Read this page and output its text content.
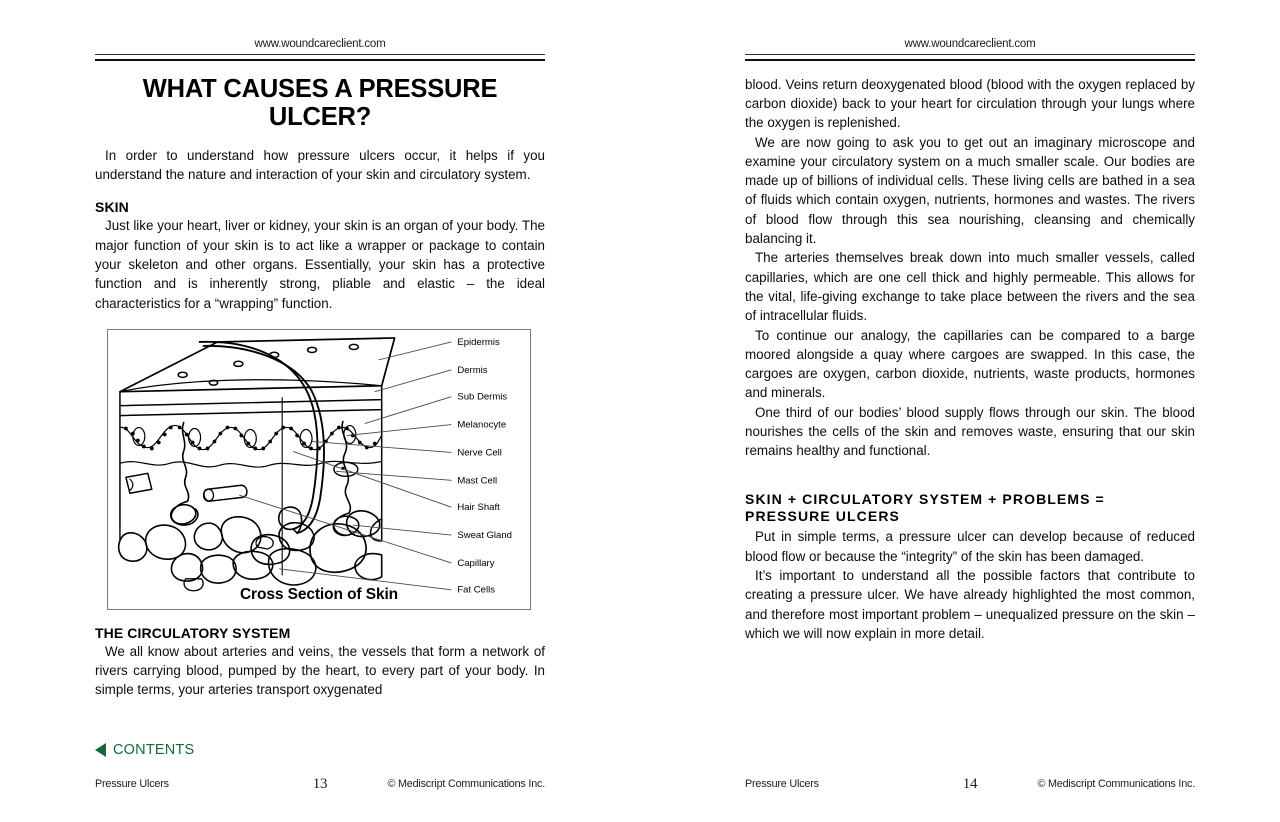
www.woundcareclient.com
WHAT CAUSES A PRESSURE ULCER?

In order to understand how pressure ulcers occur, it helps if you understand the nature and interaction of your skin and circulatory system.

SKIN

Just like your heart, liver or kidney, your skin is an organ of your body. The major function of your skin is to act like a wrapper or package to contain your skeleton and other organs. Essentially, your skin has a protective function and is inherently strong, pliable and elastic – the ideal characteristics for a “wrapping” function.

Epidermis
Dermis
Sub Dermis
Melanocyte
Nerve Cell
Mast Cell
Hair Shaft
Sweat Gland
Capillary
Fat Cells
Cross Section of Skin
THE CIRCULATORY SYSTEM

We all know about arteries and veins, the vessels that form a network of rivers carrying blood, pumped by the heart, to every part of your body. In simple terms, your arteries transport oxygenated

CONTENTS
Pressure Ulcers	13	© Mediscript Communications Inc.
www.woundcareclient.com

blood. Veins return deoxygenated blood (blood with the oxygen replaced by carbon dioxide) back to your heart for circulation through your lungs where the oxygen is replenished.

We are now going to ask you to get out an imaginary microscope and examine your circulatory system on a much smaller scale. Our bodies are made up of billions of individual cells. These living cells are bathed in a sea of fluids which contain oxygen, nutrients, hormones and wastes. The rivers of blood flow through this sea nourishing, cleansing and chemically balancing it.

The arteries themselves break down into much smaller vessels, called capillaries, which are one cell thick and highly permeable. This allows for the vital, life-giving exchange to take place between the rivers and the sea of intracellular fluids.

To continue our analogy, the capillaries can be compared to a barge moored alongside a quay where cargoes are swapped. In this case, the cargoes are oxygen, carbon dioxide, nutrients, waste products, hormones and minerals.

One third of our bodies’ blood supply flows through our skin. The blood nourishes the cells of the skin and removes waste, ensuring that our skin remains healthy and functional.

SKIN + CIRCULATORY SYSTEM + PROBLEMS = PRESSURE ULCERS

Put in simple terms, a pressure ulcer can develop because of reduced blood flow or because the “integrity” of the skin has been damaged.

It’s important to understand all the possible factors that contribute to creating a pressure ulcer. We have already highlighted the most common, and therefore most important problem – unequalized pressure on the skin – which we will now explain in more detail.

Pressure Ulcers	14	© Mediscript Communications Inc.
